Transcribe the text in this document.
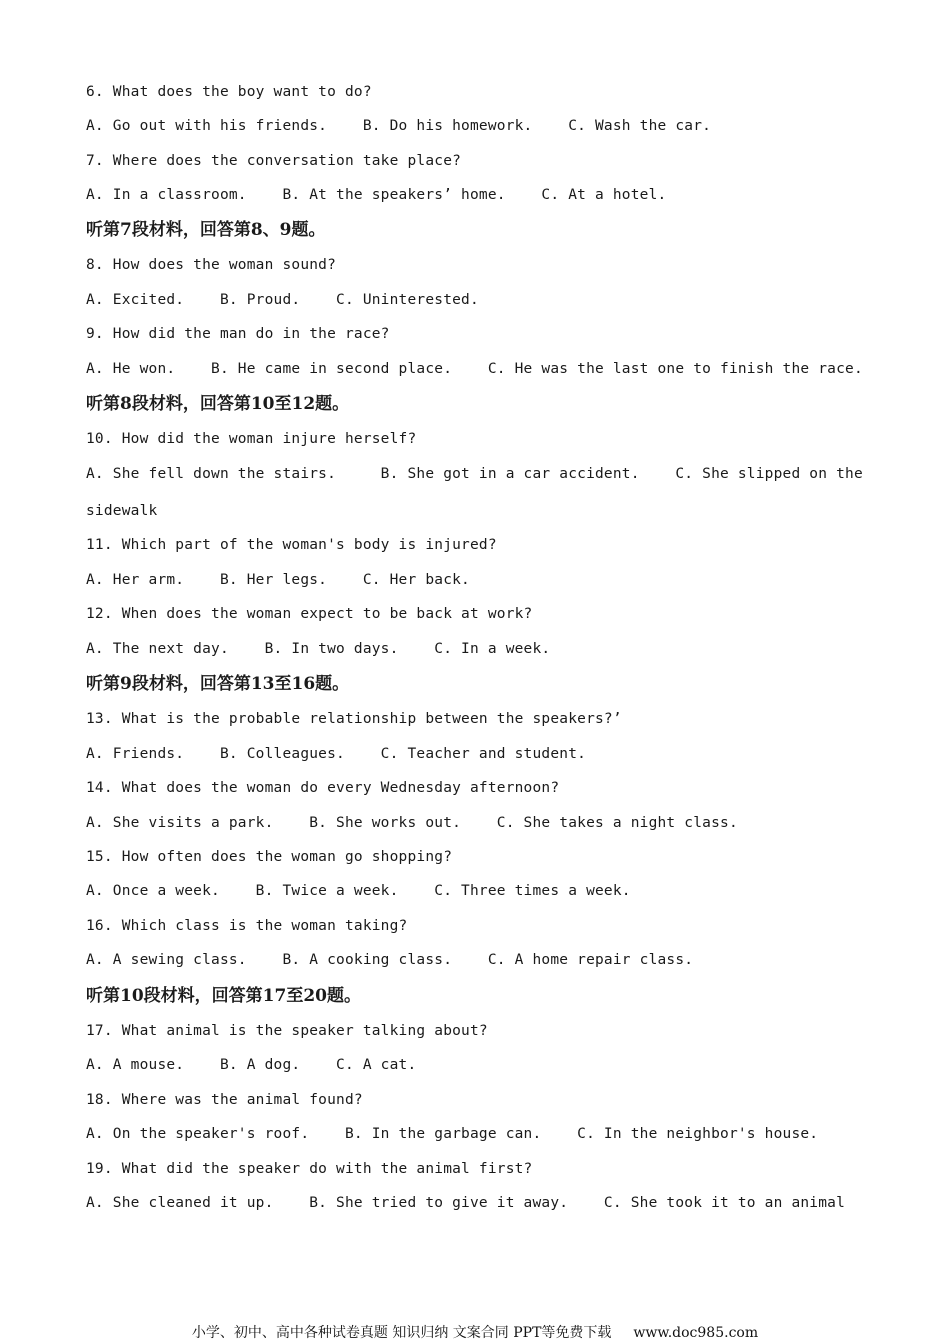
6. What does the boy want to do?
A. Go out with his friends.    B. Do his homework.    C. Wash the car.
7. Where does the conversation take place?
A. In a classroom.    B. At the speakers’ home.    C. At a hotel.
听第7段材料，回答第8、9题。
8. How does the woman sound?
A. Excited.    B. Proud.    C. Uninterested.
9. How did the man do in the race?
A. He won.    B. He came in second place.    C. He was the last one to finish the race.
听第8段材料，回答第10至12题。
10. How did the woman injure herself?
A. She fell down the stairs.     B. She got in a car accident.    C. She slipped on the
sidewalk
11. Which part of the woman's body is injured?
A. Her arm.    B. Her legs.    C. Her back.
12. When does the woman expect to be back at work?
A. The next day.    B. In two days.    C. In a week.
听第9段材料，回答第13至16题。
13. What is the probable relationship between the speakers?’
A. Friends.    B. Colleagues.    C. Teacher and student.
14. What does the woman do every Wednesday afternoon?
A. She visits a park.    B. She works out.    C. She takes a night class.
15. How often does the woman go shopping?
A. Once a week.    B. Twice a week.    C. Three times a week.
16. Which class is the woman taking?
A. A sewing class.    B. A cooking class.    C. A home repair class.
听第10段材料，回答第17至20题。
17. What animal is the speaker talking about?
A. A mouse.    B. A dog.    C. A cat.
18. Where was the animal found?
A. On the speaker's roof.    B. In the garbage can.    C. In the neighbor's house.
19. What did the speaker do with the animal first?
A. She cleaned it up.    B. She tried to give it away.    C. She took it to an animal
小学、初中、高中各种试卷真题 知识归纳 文案合同 PPT等免费下载 www.doc985.com
